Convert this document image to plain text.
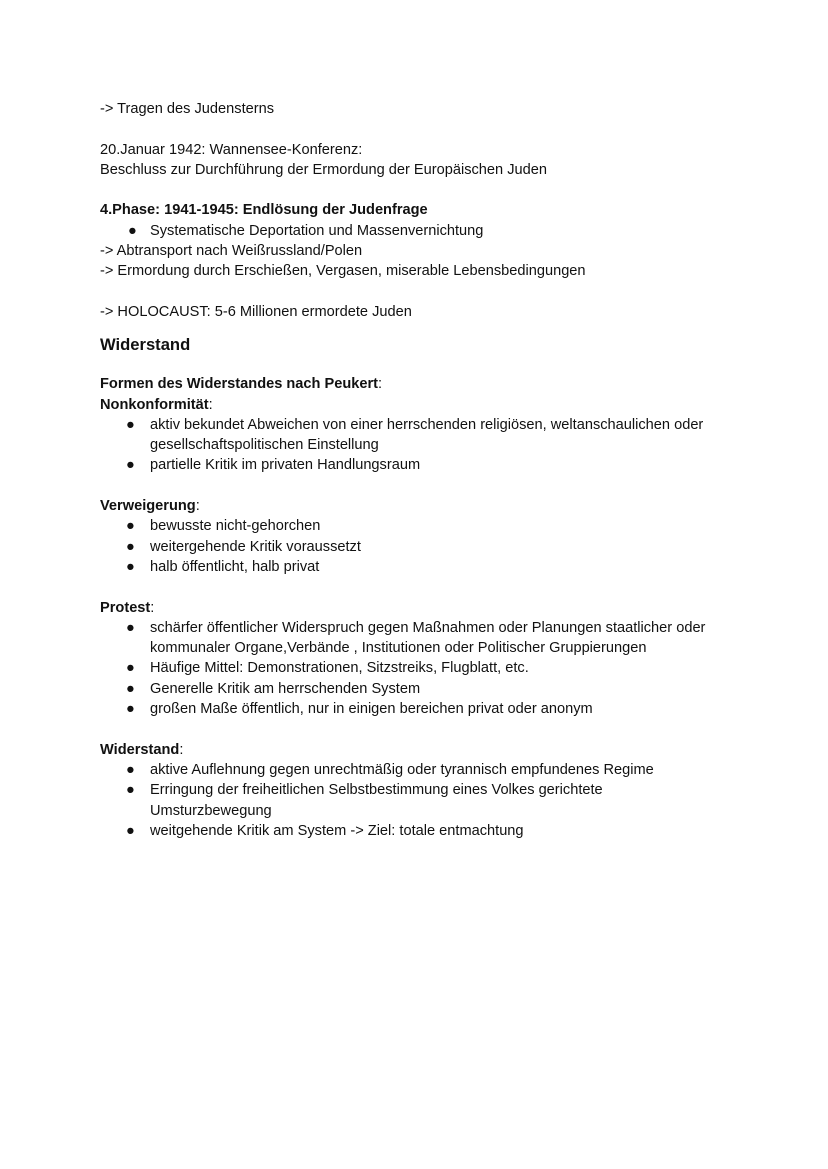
-> Tragen des Judensterns
20.Januar 1942: Wannensee-Konferenz:
Beschluss zur Durchführung der Ermordung der Europäischen Juden
4.Phase: 1941-1945: Endlösung der Judenfrage
● Systematische Deportation und Massenvernichtung
-> Abtransport nach Weißrussland/Polen
-> Ermordung durch Erschießen, Vergasen, miserable Lebensbedingungen
-> HOLOCAUST: 5-6 Millionen ermordete Juden
Widerstand
Formen des Widerstandes nach Peukert:
Nonkonformität:
● aktiv bekundet Abweichen von einer herrschenden religiösen, weltanschaulichen oder gesellschaftspolitischen Einstellung
● partielle Kritik im privaten Handlungsraum
Verweigerung:
● bewusste nicht-gehorchen
● weitergehende Kritik voraussetzt
● halb öffentlicht, halb privat
Protest:
● schärfer öffentlicher Widerspruch gegen Maßnahmen oder Planungen staatlicher oder kommunaler Organe,Verbände , Institutionen oder Politischer Gruppierungen
● Häufige Mittel: Demonstrationen, Sitzstreiks, Flugblatt, etc.
● Generelle Kritik am herrschenden System
● großen Maße öffentlich, nur in einigen bereichen privat oder anonym
Widerstand:
● aktive Auflehnung gegen unrechtmäßig oder tyrannisch empfundenes Regime
● Erringung der freiheitlichen Selbstbestimmung eines Volkes gerichtete Umsturzbewegung
● weitgehende Kritik am System -> Ziel: totale entmachtung
